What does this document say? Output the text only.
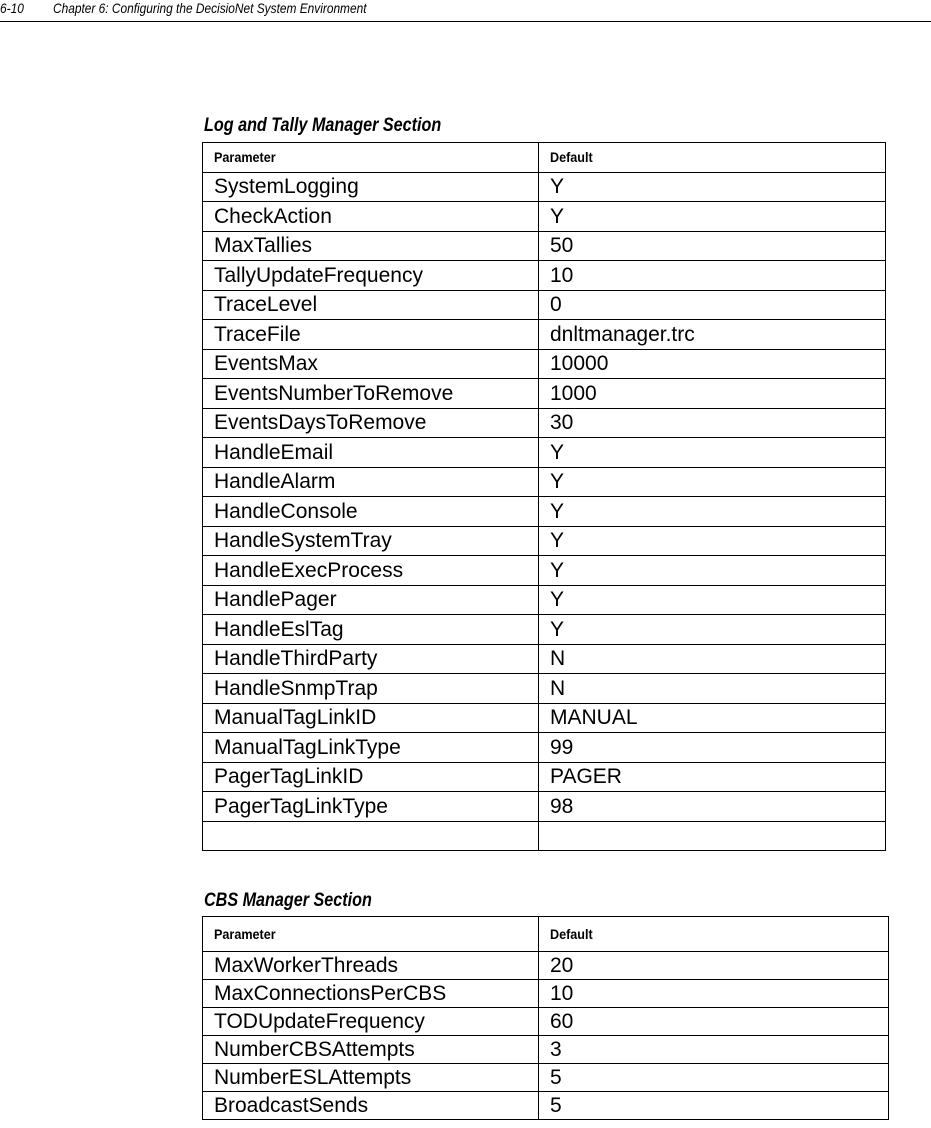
6-10 Chapter 6: Configuring the DecisioNet System Environment
Log and Tally Manager Section
Parameter	Default
SystemLogging	Y
CheckAction	Y
MaxTallies	50
TallyUpdateFrequency	10
TraceLevel	0
TraceFile	dnltmanager.trc
EventsMax	10000
EventsNumberToRemove	1000
EventsDaysToRemove	30
HandleEmail	Y
HandleAlarm	Y
HandleConsole	Y
HandleSystemTray	Y
HandleExecProcess	Y
HandlePager	Y
HandleEslTag	Y
HandleThirdParty	N
HandleSnmpTrap	N
ManualTagLinkID	MANUAL
ManualTagLinkType	99
PagerTagLinkID	PAGER
PagerTagLinkType	98

CBS Manager Section
Parameter	Default
MaxWorkerThreads	20
MaxConnectionsPerCBS	10
TODUpdateFrequency	60
NumberCBSAttempts	3
NumberESLAttempts	5
BroadcastSends	5
